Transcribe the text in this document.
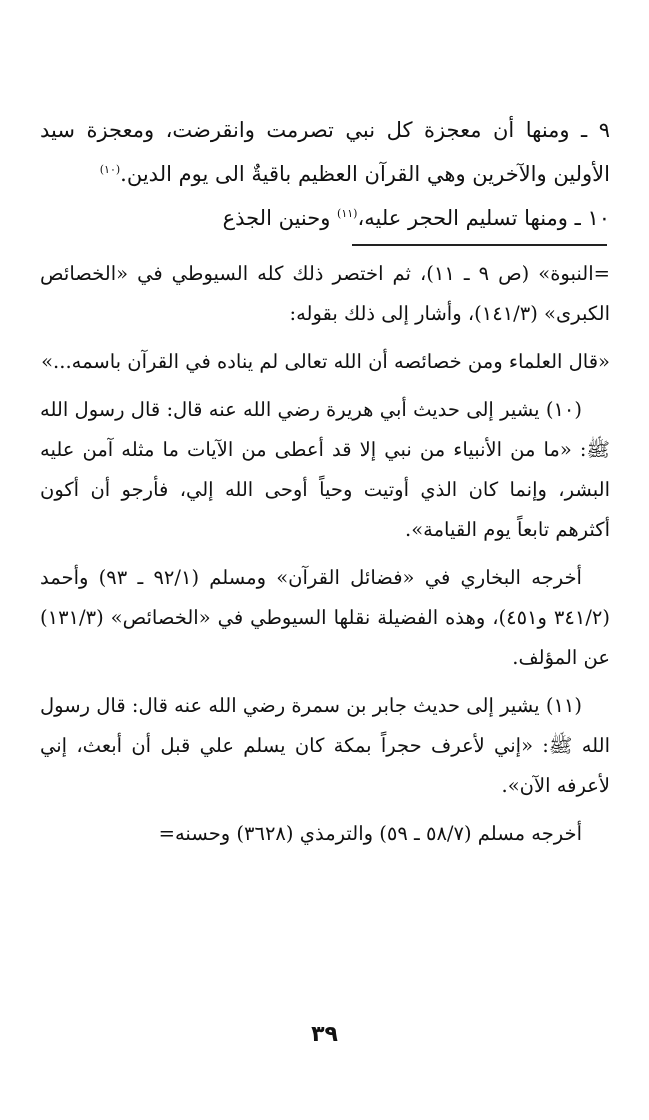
٩ ـ ومنها أن معجزة كل نبي تصرمت وانقرضت، ومعجزة سيد الأولين والآخرين وهي القرآن العظيم باقيةٌ الى يوم الدين.$^{(١٠)}$

١٠ ـ ومنها تسليم الحجر عليه،$^{(١١)}$ وحنين الجذع

=النبوة» (ص ٩ ـ ١١)، ثم اختصر ذلك كله السيوطي في «الخصائص الكبرى» (١٤١/٣)، وأشار إلى ذلك بقوله:

«قال العلماء ومن خصائصه أن الله تعالى لم يناده في القرآن باسمه...»

(١٠) يشير إلى حديث أبي هريرة رضي الله عنه قال: قال رسول الله ﷺ: «ما من الأنبياء من نبي إلا قد أعطى من الآيات ما مثله آمن عليه البشر، وإنما كان الذي أوتيت وحياً أوحى الله إلي، فأرجو أن أكون أكثرهم تابعاً يوم القيامة».

أخرجه البخاري في «فضائل القرآن» ومسلم (٩٢/١ ـ ٩٣) وأحمد (٣٤١/٢ و٤٥١)، وهذه الفضيلة نقلها السيوطي في «الخصائص» (١٣١/٣) عن المؤلف.

(١١) يشير إلى حديث جابر بن سمرة رضي الله عنه قال: قال رسول الله ﷺ: «إني لأعرف حجراً بمكة كان يسلم علي قبل أن أبعث، إني لأعرفه الآن».

أخرجه مسلم (٥٨/٧ ـ ٥٩) والترمذي (٣٦٢٨) وحسنه=

٣٩
